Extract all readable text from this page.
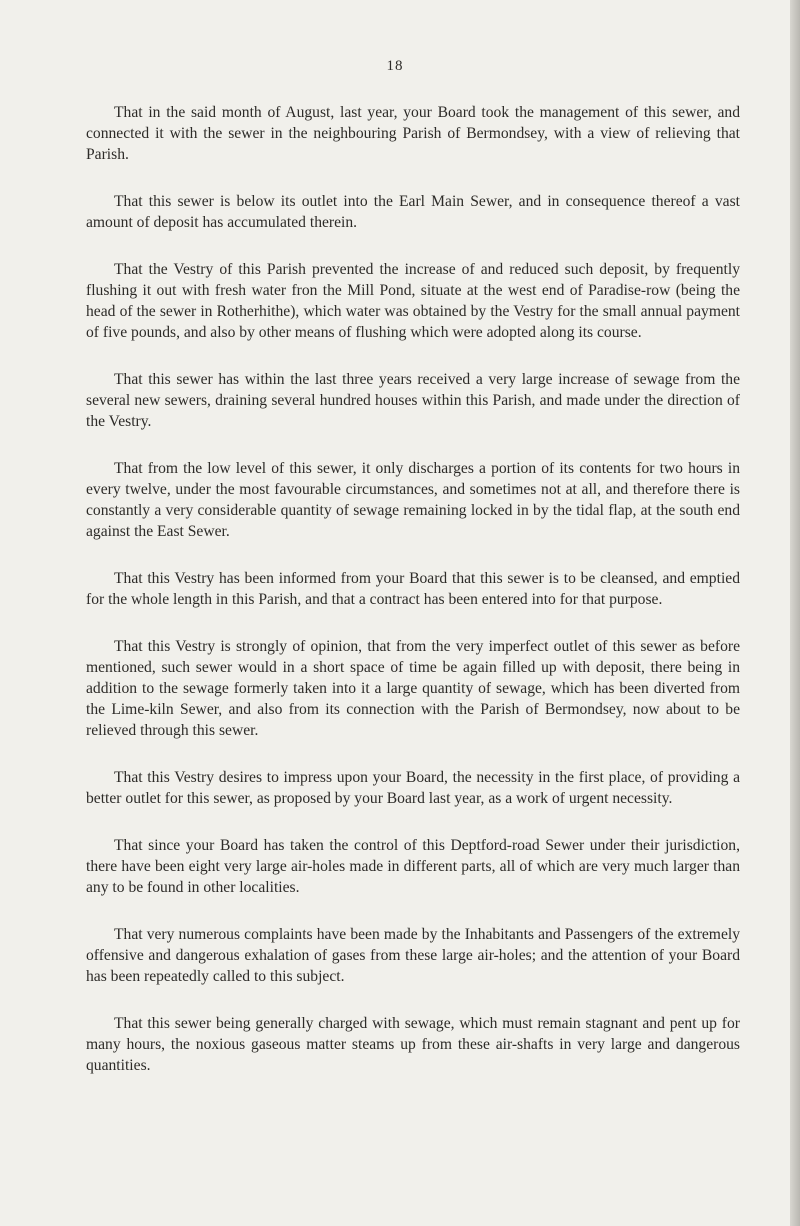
18

That in the said month of August, last year, your Board took the management of this sewer, and connected it with the sewer in the neighbouring Parish of Bermondsey, with a view of relieving that Parish.

That this sewer is below its outlet into the Earl Main Sewer, and in consequence thereof a vast amount of deposit has accumulated therein.

That the Vestry of this Parish prevented the increase of and reduced such deposit, by frequently flushing it out with fresh water fron the Mill Pond, situate at the west end of Paradise-row (being the head of the sewer in Rotherhithe), which water was obtained by the Vestry for the small annual payment of five pounds, and also by other means of flushing which were adopted along its course.

That this sewer has within the last three years received a very large increase of sewage from the several new sewers, draining several hundred houses within this Parish, and made under the direction of the Vestry.

That from the low level of this sewer, it only discharges a portion of its contents for two hours in every twelve, under the most favourable circumstances, and sometimes not at all, and therefore there is constantly a very considerable quantity of sewage remaining locked in by the tidal flap, at the south end against the East Sewer.

That this Vestry has been informed from your Board that this sewer is to be cleansed, and emptied for the whole length in this Parish, and that a contract has been entered into for that purpose.

That this Vestry is strongly of opinion, that from the very imperfect outlet of this sewer as before mentioned, such sewer would in a short space of time be again filled up with deposit, there being in addition to the sewage formerly taken into it a large quantity of sewage, which has been diverted from the Lime-kiln Sewer, and also from its connection with the Parish of Bermondsey, now about to be relieved through this sewer.

That this Vestry desires to impress upon your Board, the necessity in the first place, of providing a better outlet for this sewer, as proposed by your Board last year, as a work of urgent necessity.

That since your Board has taken the control of this Deptford-road Sewer under their jurisdiction, there have been eight very large air-holes made in different parts, all of which are very much larger than any to be found in other localities.

That very numerous complaints have been made by the Inhabitants and Passengers of the extremely offensive and dangerous exhalation of gases from these large air-holes; and the attention of your Board has been repeatedly called to this subject.

That this sewer being generally charged with sewage, which must remain stagnant and pent up for many hours, the noxious gaseous matter steams up from these air-shafts in very large and dangerous quantities.
